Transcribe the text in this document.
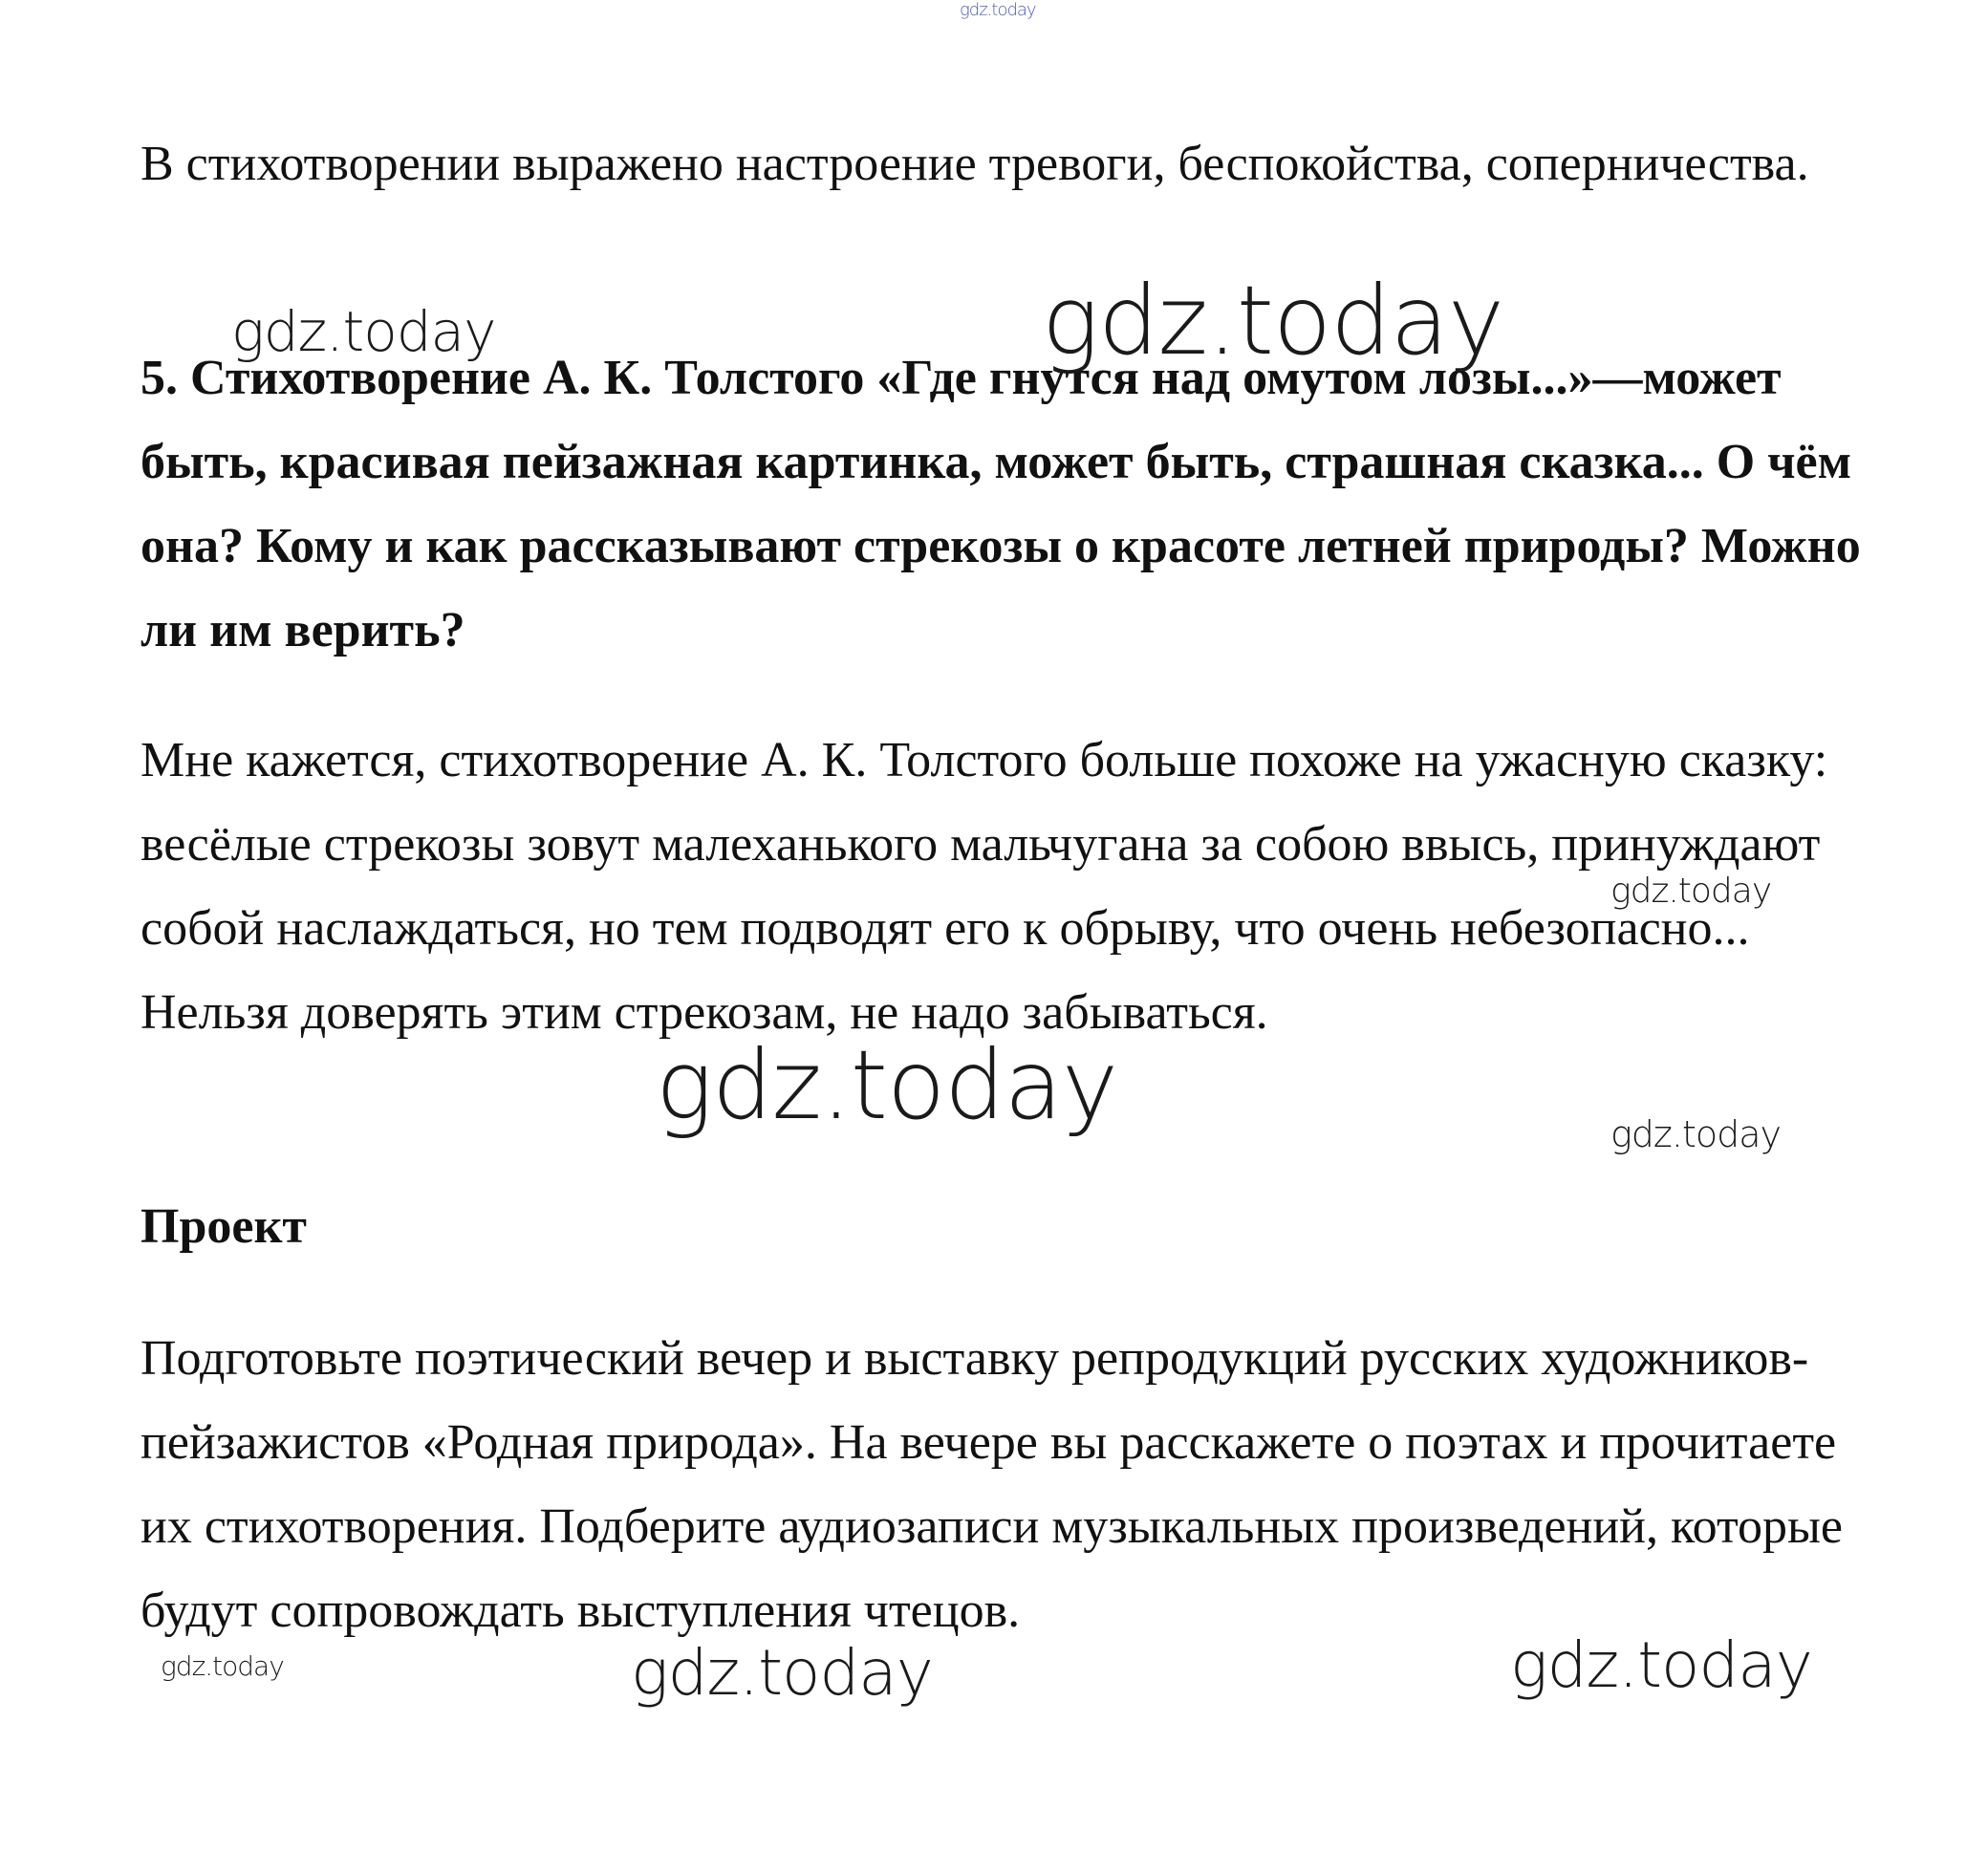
В стихотворении выражено настроение тревоги, беспокойства, соперничества.

5. Стихотворение А. К. Толстого «Где гнутся над омутом лозы...»—может быть, красивая пейзажная картинка, может быть, страшная сказка... О чём она? Кому и как рассказывают стрекозы о красоте летней природы? Можно ли им верить?

Мне кажется, стихотворение А. К. Толстого больше похоже на ужасную сказку: весёлые стрекозы зовут малеханького мальчугана за собою ввысь, принуждают собой наслаждаться, но тем подводят его к обрыву, что очень небезопасно... Нельзя доверять этим стрекозам, не надо забываться.

Проект

Подготовьте поэтический вечер и выставку репродукций русских художников-пейзажистов «Родная природа». На вечере вы расскажете о поэтах и прочитаете их стихотворения. Подберите аудиозаписи музыкальных произведений, которые будут сопровождать выступления чтецов.

gdz.today
gdz.today	gdz.today
gdz.today
gdz.today	gdz.today
gdz.today	gdz.today	gdz.today
